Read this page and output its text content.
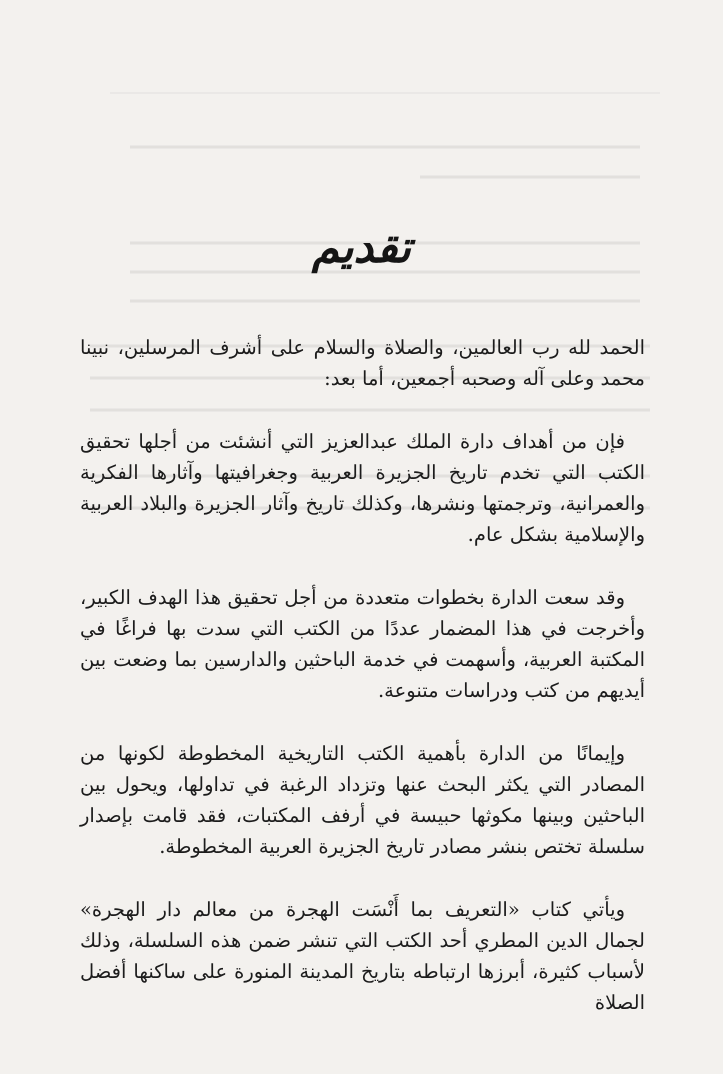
تقديم

الحمد لله رب العالمين، والصلاة والسلام على أشرف المرسلين، نبينا محمد وعلى آله وصحبه أجمعين، أما بعد:

فإن من أهداف دارة الملك عبدالعزيز التي أنشئت من أجلها تحقيق الكتب التي تخدم تاريخ الجزيرة العربية وجغرافيتها وآثارها الفكرية والعمرانية، وترجمتها ونشرها، وكذلك تاريخ وآثار الجزيرة والبلاد العربية والإسلامية بشكل عام.

وقد سعت الدارة بخطوات متعددة من أجل تحقيق هذا الهدف الكبير، وأخرجت في هذا المضمار عددًا من الكتب التي سدت بها فراغًا في المكتبة العربية، وأسهمت في خدمة الباحثين والدارسين بما وضعت بين أيديهم من كتب ودراسات متنوعة.

وإيمانًا من الدارة بأهمية الكتب التاريخية المخطوطة لكونها من المصادر التي يكثر البحث عنها وتزداد الرغبة في تداولها، ويحول بين الباحثين وبينها مكوثها حبيسة في أرفف المكتبات، فقد قامت بإصدار سلسلة تختص بنشر مصادر تاريخ الجزيرة العربية المخطوطة.

ويأتي كتاب «التعريف بما أَنْسَت الهجرة من معالم دار الهجرة» لجمال الدين المطري أحد الكتب التي تنشر ضمن هذه السلسلة، وذلك لأسباب كثيرة، أبرزها ارتباطه بتاريخ المدينة المنورة على ساكنها أفضل الصلاة
